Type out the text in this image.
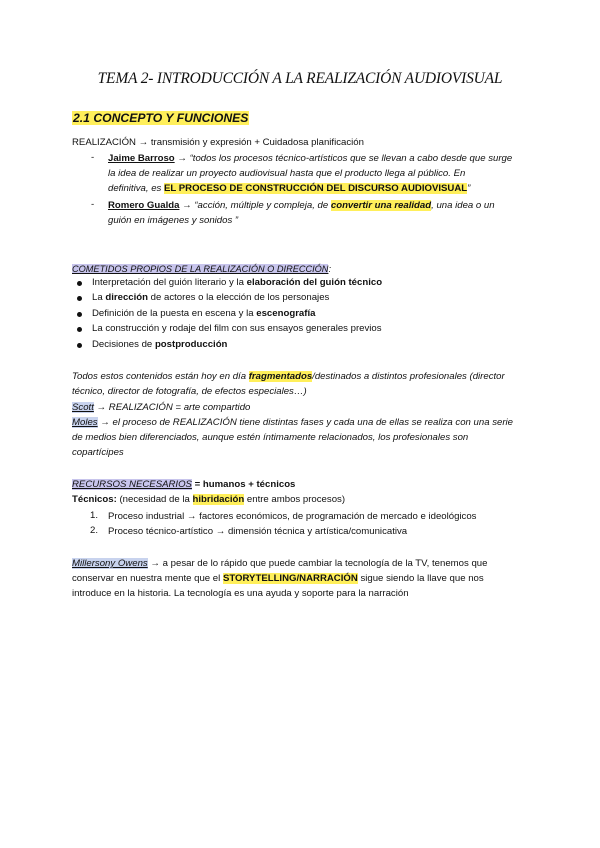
TEMA 2- INTRODUCCIÓN A LA REALIZACIÓN AUDIOVISUAL
2.1 CONCEPTO Y FUNCIONES
REALIZACIÓN → transmisión y expresión + Cuidadosa planificación
- Jaime Barroso → “todos los procesos técnico-artísticos que se llevan a cabo desde que surge
la idea de realizar un proyecto audiovisual hasta que el producto llega al público. En
definitiva, es EL PROCESO DE CONSTRUCCIÓN DEL DISCURSO AUDIOVISUAL”
- Romero Gualda → “acción, múltiple y compleja, de convertir una realidad, una idea o un
guión en imágenes y sonidos ”
COMETIDOS PROPIOS DE LA REALIZACIÓN O DIRECCIÓN:
Interpretación del guión literario y la elaboración del guión técnico
La dirección de actores o la elección de los personajes
Definición de la puesta en escena y la escenografía
La construcción y rodaje del film con sus ensayos generales previos
Decisiones de postproducción
Todos estos contenidos están hoy en día fragmentados/destinados a distintos profesionales (director
técnico, director de fotografía, de efectos especiales…)
Scott → REALIZACIÓN = arte compartido
Moles → el proceso de REALIZACIÓN tiene distintas fases y cada una de ellas se realiza con una serie
de medios bien diferenciados, aunque estén íntimamente relacionados, los profesionales son
copartícipes
RECURSOS NECESARIOS = humanos + técnicos
Técnicos: (necesidad de la hibridación entre ambos procesos)
1. Proceso industrial → factores económicos, de programación de mercado e ideológicos
2. Proceso técnico-artístico → dimensión técnica y artística/comunicativa
Millersony Owens → a pesar de lo rápido que puede cambiar la tecnología de la TV, tenemos que
conservar en nuestra mente que el STORYTELLING/NARRACIÓN sigue siendo la llave que nos
introduce en la historia. La tecnología es una ayuda y soporte para la narración
